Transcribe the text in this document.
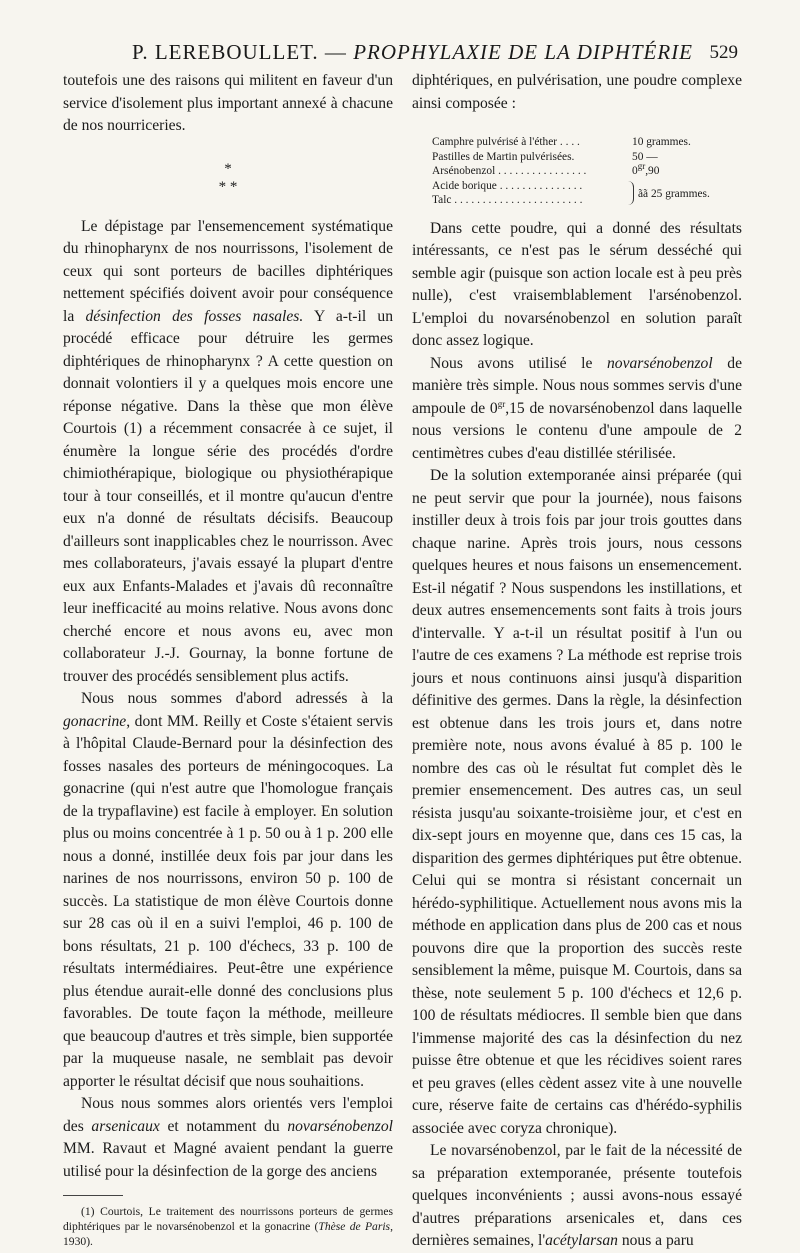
P. LEREBOULLET. — PROPHYLAXIE DE LA DIPHTÉRIE 529

toutefois une des raisons qui militent en faveur d'un service d'isolement plus important annexé à chacune de nos nourriceries.

*
* *

Le dépistage par l'ensemencement systématique du rhinopharynx de nos nourrissons, l'isolement de ceux qui sont porteurs de bacilles diphtériques nettement spécifiés doivent avoir pour conséquence la désinfection des fosses nasales. Y a-t-il un procédé efficace pour détruire les germes diphtériques de rhinopharynx ? A cette question on donnait volontiers il y a quelques mois encore une réponse négative. Dans la thèse que mon élève Courtois (1) a récemment consacrée à ce sujet, il énumère la longue série des procédés d'ordre chimiothérapique, biologique ou physiothérapique tour à tour conseillés, et il montre qu'aucun d'entre eux n'a donné de résultats décisifs. Beaucoup d'ailleurs sont inapplicables chez le nourrisson. Avec mes collaborateurs, j'avais essayé la plupart d'entre eux aux Enfants-Malades et j'avais dû reconnaître leur inefficacité au moins relative. Nous avons donc cherché encore et nous avons eu, avec mon collaborateur J.-J. Gournay, la bonne fortune de trouver des procédés sensiblement plus actifs.

Nous nous sommes d'abord adressés à la gonacrine, dont MM. Reilly et Coste s'étaient servis à l'hôpital Claude-Bernard pour la désinfection des fosses nasales des porteurs de méningocoques. La gonacrine (qui n'est autre que l'homologue français de la trypaflavine) est facile à employer. En solution plus ou moins concentrée à 1 p. 50 ou à 1 p. 200 elle nous a donné, instillée deux fois par jour dans les narines de nos nourrissons, environ 50 p. 100 de succès. La statistique de mon élève Courtois donne sur 28 cas où il en a suivi l'emploi, 46 p. 100 de bons résultats, 21 p. 100 d'échecs, 33 p. 100 de résultats intermédiaires. Peut-être une expérience plus étendue aurait-elle donné des conclusions plus favorables. De toute façon la méthode, meilleure que beaucoup d'autres et très simple, bien supportée par la muqueuse nasale, ne semblait pas devoir apporter le résultat décisif que nous souhaitions.

Nous nous sommes alors orientés vers l'emploi des arsenicaux et notamment du novarsénobenzol MM. Ravaut et Magné avaient pendant la guerre utilisé pour la désinfection de la gorge des anciens

(1) Courtois, Le traitement des nourrissons porteurs de germes diphtériques par le novarsénobenzol et la gonacrine (Thèse de Paris, 1930).

diphtériques, en pulvérisation, une poudre complexe ainsi composée :

Camphre pulvérisé à l'éther . . . .	10 grammes.
Pastilles de Martin pulvérisées.	50 —
Arsénobenzol . . . . . . . . . . . . . . . .	$0^{gr},90$
Acide borique . . . . . . . . . . . . . . .
Talc . . . . . . . . . . . . . . . . . . . . . . .
ãã 25 grammes.

Dans cette poudre, qui a donné des résultats intéressants, ce n'est pas le sérum desséché qui semble agir (puisque son action locale est à peu près nulle), c'est vraisemblablement l'arsénobenzol. L'emploi du novarsénobenzol en solution paraît donc assez logique.

Nous avons utilisé le novarsénobenzol de manière très simple. Nous nous sommes servis d'une ampoule de $0^{gr},15$ de novarsénobenzol dans laquelle nous versions le contenu d'une ampoule de 2 centimètres cubes d'eau distillée stérilisée.

De la solution extemporanée ainsi préparée (qui ne peut servir que pour la journée), nous faisons instiller deux à trois fois par jour trois gouttes dans chaque narine. Après trois jours, nous cessons quelques heures et nous faisons un ensemencement. Est-il négatif ? Nous suspendons les instillations, et deux autres ensemencements sont faits à trois jours d'intervalle. Y a-t-il un résultat positif à l'un ou l'autre de ces examens ? La méthode est reprise trois jours et nous continuons ainsi jusqu'à disparition définitive des germes. Dans la règle, la désinfection est obtenue dans les trois jours et, dans notre première note, nous avons évalué à 85 p. 100 le nombre des cas où le résultat fut complet dès le premier ensemencement. Des autres cas, un seul résista jusqu'au soixante-troisième jour, et c'est en dix-sept jours en moyenne que, dans ces 15 cas, la disparition des germes diphtériques put être obtenue. Celui qui se montra si résistant concernait un hérédo-syphilitique. Actuellement nous avons mis la méthode en application dans plus de 200 cas et nous pouvons dire que la proportion des succès reste sensiblement la même, puisque M. Courtois, dans sa thèse, note seulement 5 p. 100 d'échecs et 12,6 p. 100 de résultats médiocres. Il semble bien que dans l'immense majorité des cas la désinfection du nez puisse être obtenue et que les récidives soient rares et peu graves (elles cèdent assez vite à une nouvelle cure, réserve faite de certains cas d'hérédo-syphilis associée avec coryza chronique).

Le novarsénobenzol, par le fait de la nécessité de sa préparation extemporanée, présente toutefois quelques inconvénients ; aussi avons-nous essayé d'autres préparations arsenicales et, dans ces dernières semaines, l'acétylarsan nous a paru
